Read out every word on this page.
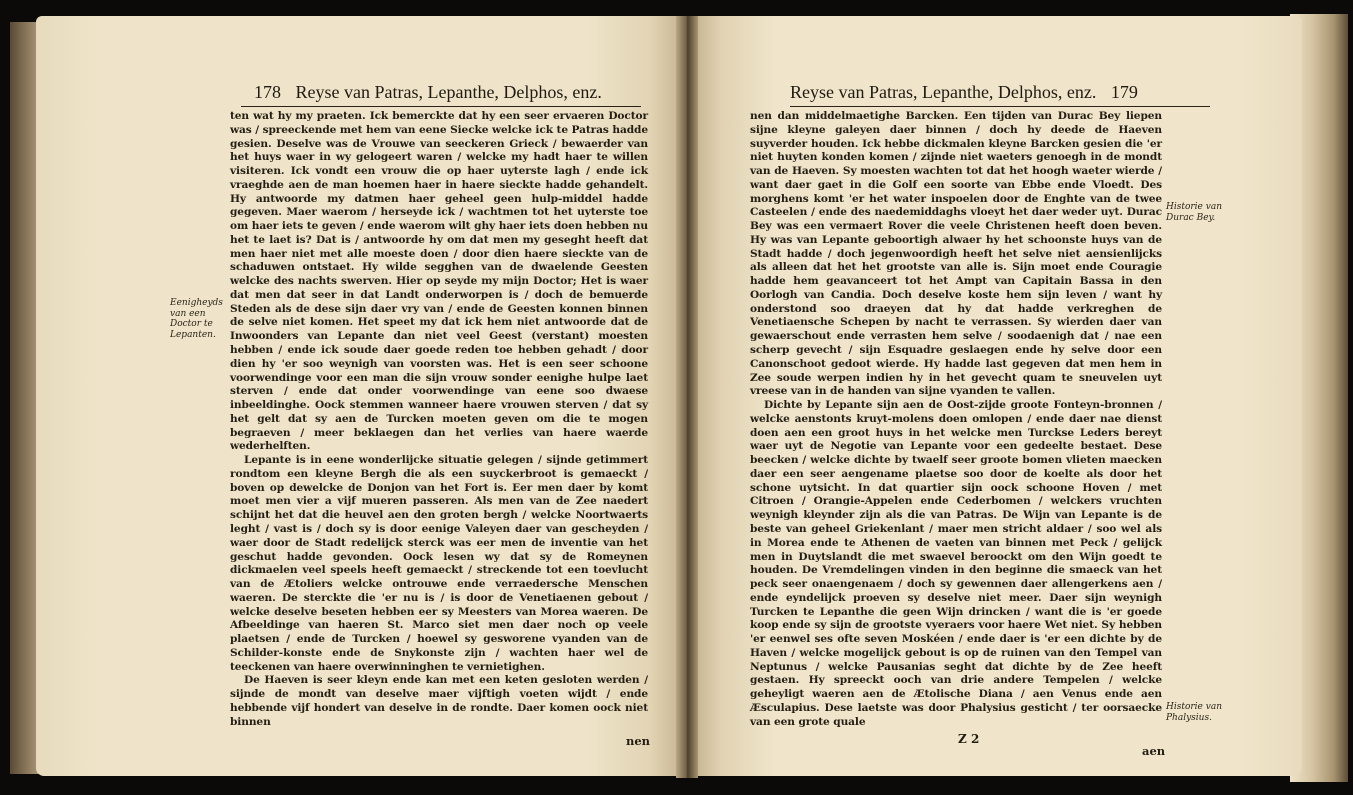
178 Reyse van Patras, Lepanthe, Delphos, enz.
Eenigheyds van een Doctor te Lepanten.

ten wat hy my praeten. Ick bemerckte dat hy een seer ervaeren Doctor was / spreeckende met hem van eene Siecke welcke ick te Patras hadde gesien. Deselve was de Vrouwe van seeckeren Grieck / bewaerder van het huys waer in wy gelogeert waren / welcke my hadt haer te willen visiteren. Ick vondt een vrouw die op haer uyterste lagh / ende ick vraeghde aen de man hoemen haer in haere sieckte hadde gehandelt. Hy antwoorde my datmen haer geheel geen hulp-middel hadde gegeven. Maer waerom / herseyde ick / wachtmen tot het uyterste toe om haer iets te geven / ende waerom wilt ghy haer iets doen hebben nu het te laet is? Dat is / antwoorde hy om dat men my geseght heeft dat men haer niet met alle moeste doen / door dien haere sieckte van de schaduwen ontstaet. Hy wilde segghen van de dwaelende Geesten welcke des nachts swerven. Hier op seyde my mijn Doctor; Het is waer dat men dat seer in dat Landt onderworpen is / doch de bemuerde Steden als de dese sijn daer vry van / ende de Geesten konnen binnen de selve niet komen. Het speet my dat ick hem niet antwoorde dat de Inwoonders van Lepante dan niet veel Geest (verstant) moesten hebben / ende ick soude daer goede reden toe hebben gehadt / door dien hy 'er soo weynigh van voorsten was. Het is een seer schoone voorwendinge voor een man die sijn vrouw sonder eenighe hulpe laet sterven / ende dat onder voorwendinge van eene soo dwaese inbeeldinghe. Oock stemmen wanneer haere vrouwen sterven / dat sy het gelt dat sy aen de Turcken moeten geven om die te mogen begraeven / meer beklaegen dan het verlies van haere waerde wederhelften.

Lepante is in eene wonderlijcke situatie gelegen / sijnde getimmert rondtom een kleyne Bergh die als een suyckerbroot is gemaeckt / boven op dewelcke de Donjon van het Fort is. Eer men daer by komt moet men vier a vijf mueren passeren. Als men van de Zee naedert schijnt het dat die heuvel aen den groten bergh / welcke Noortwaerts leght / vast is / doch sy is door eenige Valeyen daer van gescheyden / waer door de Stadt redelijck sterck was eer men de inventie van het geschut hadde gevonden. Oock lesen wy dat sy de Romeynen dickmaelen veel speels heeft gemaeckt / streckende tot een toevlucht van de Ætoliers welcke ontrouwe ende verraedersche Menschen waeren. De sterckte die 'er nu is / is door de Venetiaenen gebout / welcke deselve beseten hebben eer sy Meesters van Morea waeren. De Afbeeldinge van haeren St. Marco siet men daer noch op veele plaetsen / ende de Turcken / hoewel sy gesworene vyanden van de Schilder-konste ende de Snykonste zijn / wachten haer wel de teeckenen van haere overwinninghen te vernietighen.

De Haeven is seer kleyn ende kan met een keten gesloten werden / sijnde de mondt van deselve maer vijftigh voeten wijdt / ende hebbende vijf hondert van deselve in de rondte. Daer komen oock niet binnen

nen
Reyse van Patras, Lepanthe, Delphos, enz. 179
Historie van Durac Bey.
Historie van Phalysius.

nen dan middelmaetighe Barcken. Een tijden van Durac Bey liepen sijne kleyne galeyen daer binnen / doch hy deede de Haeven suyverder houden. Ick hebbe dickmalen kleyne Barcken gesien die 'er niet huyten konden komen / zijnde niet waeters genoegh in de mondt van de Haeven. Sy moesten wachten tot dat het hoogh waeter wierde / want daer gaet in die Golf een soorte van Ebbe ende Vloedt. Des morghens komt 'er het water inspoelen door de Enghte van de twee Casteelen / ende des naedemiddaghs vloeyt het daer weder uyt. Durac Bey was een vermaert Rover die veele Christenen heeft doen beven. Hy was van Lepante geboortigh alwaer hy het schoonste huys van de Stadt hadde / doch jegenwoordigh heeft het selve niet aensienlijcks als alleen dat het het grootste van alle is. Sijn moet ende Couragie hadde hem geavanceert tot het Ampt van Capitain Bassa in den Oorlogh van Candia. Doch deselve koste hem sijn leven / want hy onderstond soo draeyen dat hy dat hadde verkreghen de Venetiaensche Schepen by nacht te verrassen. Sy wierden daer van gewaerschout ende verrasten hem selve / soodaenigh dat / nae een scherp gevecht / sijn Esquadre geslaegen ende hy selve door een Canonschoot gedoot wierde. Hy hadde last gegeven dat men hem in Zee soude werpen indien hy in het gevecht quam te sneuvelen uyt vreese van in de handen van sijne vyanden te vallen.

Dichte by Lepante sijn aen de Oost-zijde groote Fonteyn-bronnen / welcke aenstonts kruyt-molens doen omlopen / ende daer nae dienst doen aen een groot huys in het welcke men Turckse Leders bereyt waer uyt de Negotie van Lepante voor een gedeelte bestaet. Dese beecken / welcke dichte by twaelf seer groote bomen vlieten maecken daer een seer aengename plaetse soo door de koelte als door het schone uytsicht. In dat quartier sijn oock schoone Hoven / met Citroen / Orangie-Appelen ende Cederbomen / welckers vruchten weynigh kleynder zijn als die van Patras. De Wijn van Lepante is de beste van geheel Griekenlant / maer men stricht aldaer / soo wel als in Morea ende te Athenen de vaeten van binnen met Peck / gelijck men in Duytslandt die met swaevel beroockt om den Wijn goedt te houden. De Vremdelingen vinden in den beginne die smaeck van het peck seer onaengenaem / doch sy gewennen daer allengerkens aen / ende eyndelijck proeven sy deselve niet meer. Daer sijn weynigh Turcken te Lepanthe die geen Wijn drincken / want die is 'er goede koop ende sy sijn de grootste vyeraers voor haere Wet niet. Sy hebben 'er eenwel ses ofte seven Moskéen / ende daer is 'er een dichte by de Haven / welcke mogelijck gebout is op de ruinen van den Tempel van Neptunus / welcke Pausanias seght dat dichte by de Zee heeft gestaen. Hy spreeckt ooch van drie andere Tempelen / welcke geheyligt waeren aen de Ætolische Diana / aen Venus ende aen Æsculapius. Dese laetste was door Phalysius gesticht / ter oorsaecke van een grote quale

Z 2
aen
